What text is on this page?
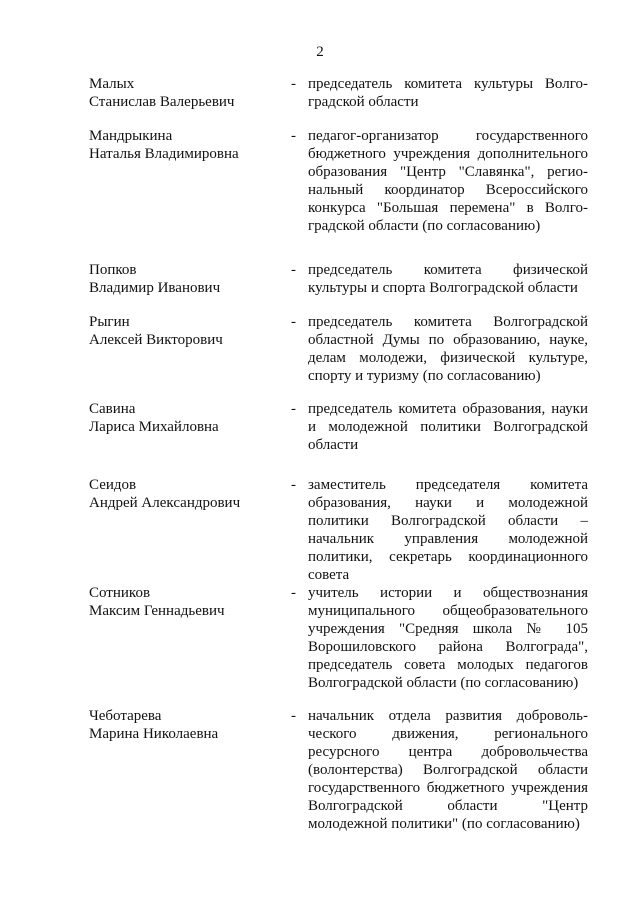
2
Малых
Станислав Валерьевич
- председатель комитета культуры Волгоградской области
Мандрыкина
Наталья Владимировна
- педагог-организатор государственного бюджетного учреждения дополнительного образования "Центр "Славянка", региональный координатор Всероссийского конкурса "Большая перемена" в Волгоградской области (по согласованию)
Попков
Владимир Иванович
- председатель комитета физической культуры и спорта Волгоградской области
Рыгин
Алексей Викторович
- председатель комитета Волгоградской областной Думы по образованию, науке, делам молодежи, физической культуре, спорту и туризму (по согласованию)
Савина
Лариса Михайловна
- председатель комитета образования, науки и молодежной политики Волгоградской области
Сеидов
Андрей Александрович
- заместитель председателя комитета образования, науки и молодежной политики Волгоградской области – начальник управления молодежной политики, секретарь координационного совета
Сотников
Максим Геннадьевич
- учитель истории и обществознания муниципального общеобразовательного учреждения "Средняя школа № 105 Ворошиловского района Волгограда", председатель совета молодых педагогов Волгоградской области (по согласованию)
Чеботарева
Марина Николаевна
- начальник отдела развития добровольческого движения, регионального ресурсного центра добровольчества (волонтерства) Волгоградской области государственного бюджетного учреждения Волгоградской области "Центр молодежной политики" (по согласованию)
